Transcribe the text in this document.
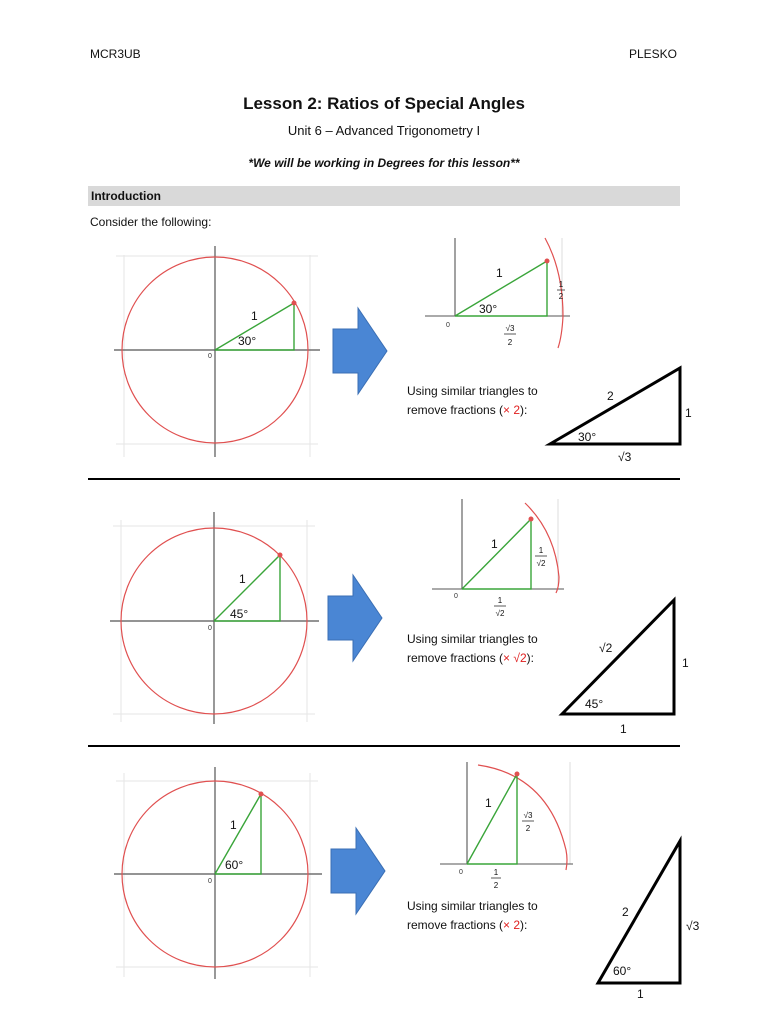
MCR3UB	PLESKO
Lesson 2: Ratios of Special Angles
Unit 6 – Advanced Trigonometry I
*We will be working in Degrees for this lesson**
Introduction
Consider the following:
0
1
30°
0
1
30°
1
2
√3
2
Using similar triangles to
remove fractions (× 2):
2
1
30°
√3
0
1
45°
0
1	1
√2
1
√2
Using similar triangles to
remove fractions (× √2):
√2
1
45°
1
0
1
60°
0
1
√3
2
1
2
Using similar triangles to
remove fractions (× 2):
2
√3
60°
1
